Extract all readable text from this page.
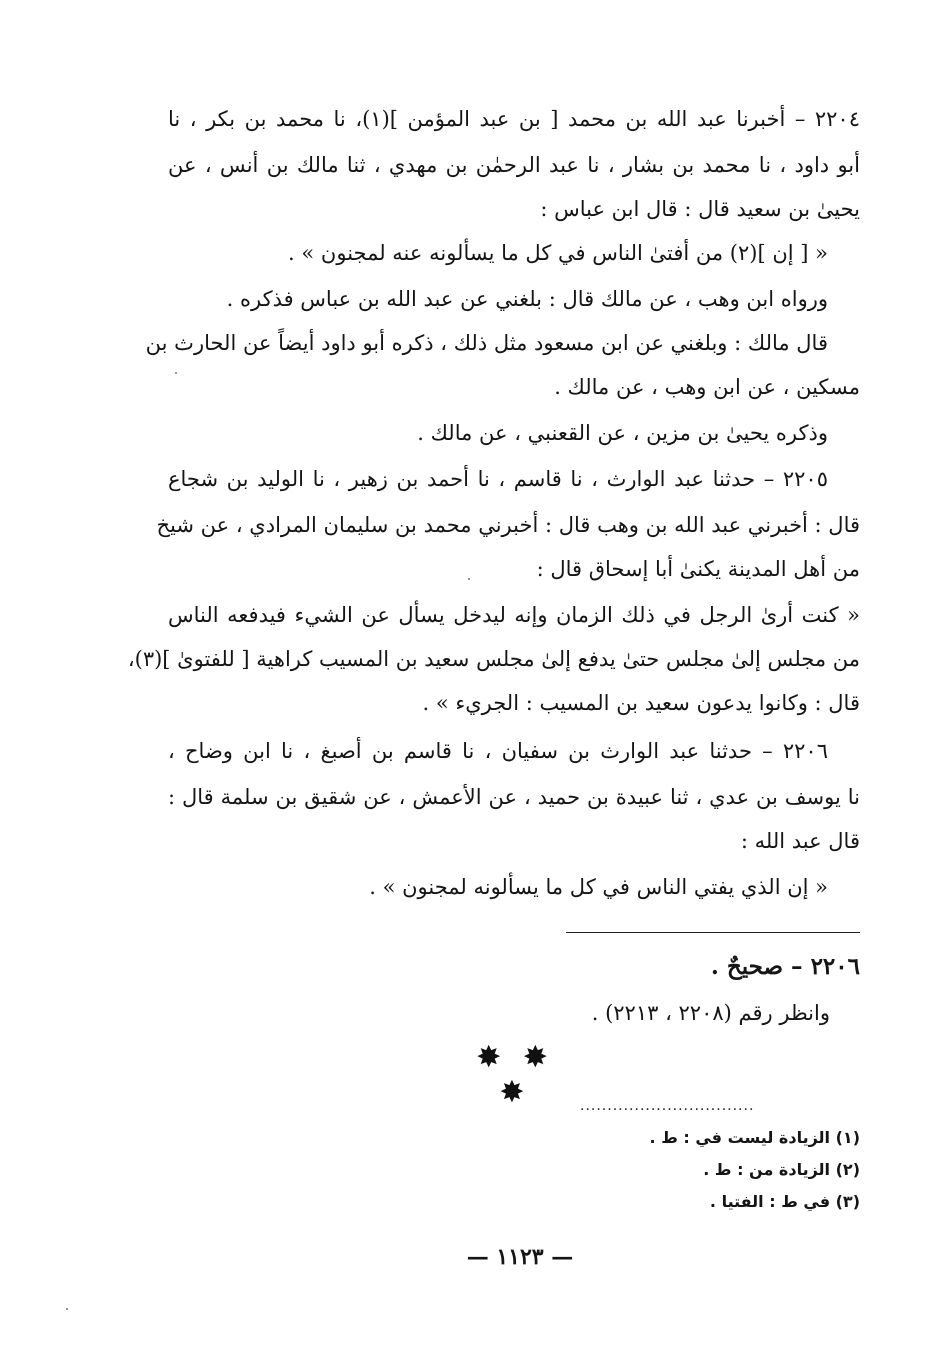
٢٢٠٤ – أخبرنا عبد الله بن محمد [ بن عبد المؤمن ](١)، نا محمد بن بكر ، نا
أبو داود ، نا محمد بن بشار ، نا عبد الرحمٰن بن مهدي ، ثنا مالك بن أنس ، عن
يحيىٰ بن سعيد قال : قال ابن عباس :
« [ إن ](٢) من أفتىٰ الناس في كل ما يسألونه عنه لمجنون » .
ورواه ابن وهب ، عن مالك قال : بلغني عن عبد الله بن عباس فذكره .
قال مالك : وبلغني عن ابن مسعود مثل ذلك ، ذكره أبو داود أيضاً عن الحارث بن
مسكين ، عن ابن وهب ، عن مالك .
وذكره يحيىٰ بن مزين ، عن القعنبي ، عن مالك .
٢٢٠٥ – حدثنا عبد الوارث ، نا قاسم ، نا أحمد بن زهير ، نا الوليد بن شجاع
قال : أخبرني عبد الله بن وهب قال : أخبرني محمد بن سليمان المرادي ، عن شيخ
من أهل المدينة يكنىٰ أبا إسحاق قال :
« كنت أرىٰ الرجل في ذلك الزمان وإنه ليدخل يسأل عن الشيء فيدفعه الناس
من مجلس إلىٰ مجلس حتىٰ يدفع إلىٰ مجلس سعيد بن المسيب كراهية [ للفتوىٰ ](٣)،
قال : وكانوا يدعون سعيد بن المسيب : الجريء » .
٢٢٠٦ – حدثنا عبد الوارث بن سفيان ، نا قاسم بن أصبغ ، نا ابن وضاح ،
نا يوسف بن عدي ، ثنا عبيدة بن حميد ، عن الأعمش ، عن شقيق بن سلمة قال :
قال عبد الله :
« إن الذي يفتي الناس في كل ما يسألونه لمجنون » .
٢٢٠٦ – صحيحٌ .
وانظر رقم (٢٢٠٨ ، ٢٢١٣) .
✸ ✸ ✸	................................
(١) الزيادة ليست في : ط .
(٢) الزيادة من : ط .
(٣) في ط : الفتيا .
— ١١٢٣ —
